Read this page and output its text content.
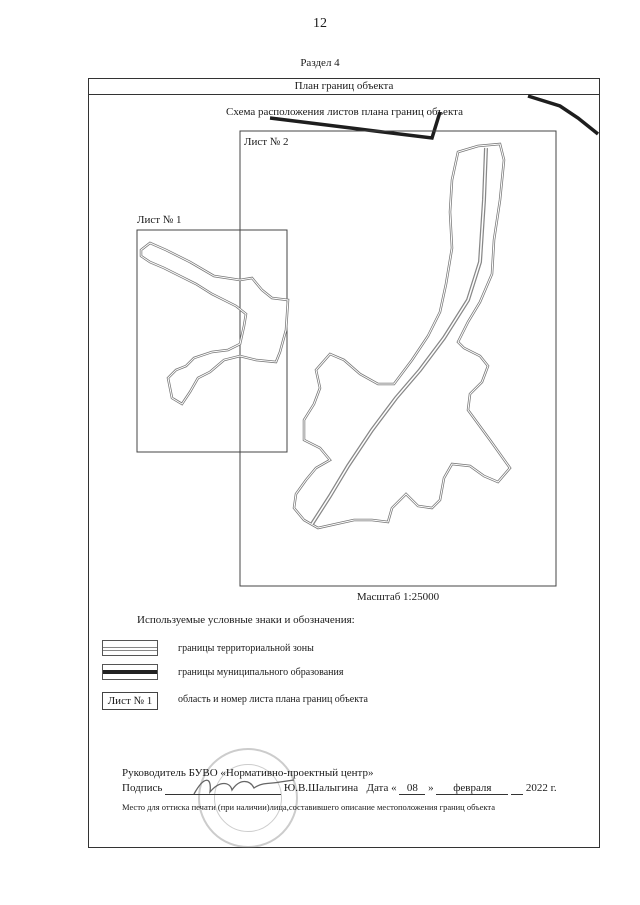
12
Раздел 4
План границ объекта
Схема расположения листов плана границ объекта
Лист № 2
Лист № 1
Масштаб 1:25000
Используемые условные знаки и обозначения:
границы территориальной зоны
границы муниципального образования
Лист № 1	область и номер листа плана границ объекта
Руководитель БУВО «Нормативно-проектный центр»
Подпись	Ю.В.Шалыгина Дата « 08 » февраля	2022 г.
Место для оттиска печати (при наличии)лица,составившего описание местоположения границ объекта
